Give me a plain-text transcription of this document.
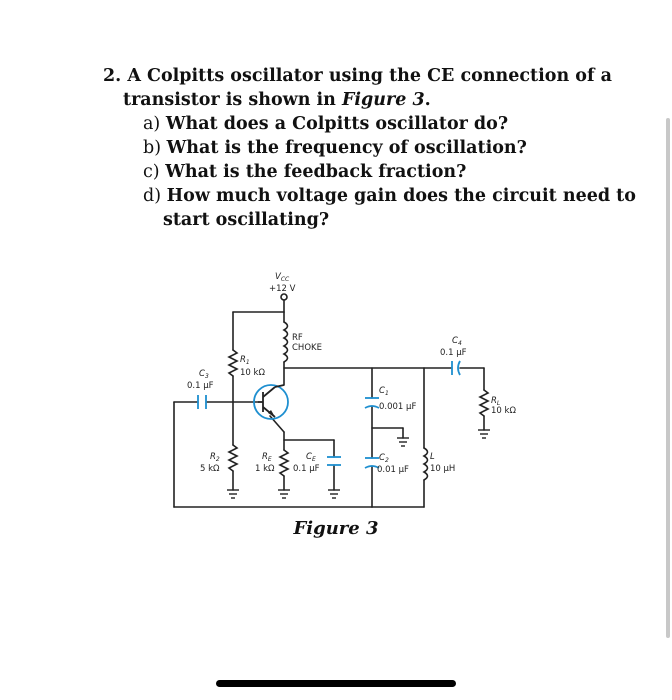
2. A Colpitts oscillator using the CE connection of a
transistor is shown in Figure 3.
a) What does a Colpitts oscillator do?
b) What is the frequency of oscillation?
c) What is the feedback fraction?
d) How much voltage gain does the circuit need to
start oscillating?
$V_{CC}$
+12 V
RF
CHOKE
$R_1$
10 kΩ
$C_3$
0.1 μF
$R_2$
5 kΩ
$R_E$
1 kΩ
$C_E$
0.1 μF
$C_1$
0.001 μF
$C_2$
0.01 μF
L
10 μH
$C_4$
0.1 μF
$R_L$
10 kΩ
Figure 3
